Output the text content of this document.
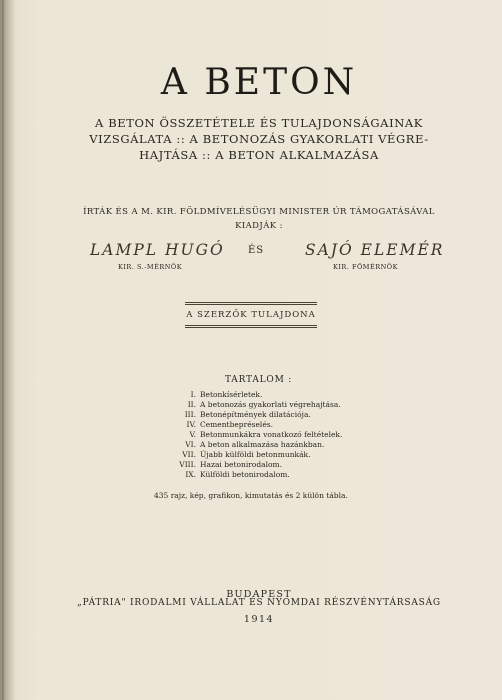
A BETON
A BETON ÖSSZETÉTELE ÉS TULAJDONSÁGAINAK
VIZSGÁLATA :: A BETONOZÁS GYAKORLATI VÉGRE-
HAJTÁSA :: A BETON ALKALMAZÁSA
ÍRTÁK ÉS A M. KIR. FÖLDMÍVELÉSÜGYI MINISTER ÚR TÁMOGATÁSÁVAL
KIADJÁK :
LAMPL HUGÓ ÉS	SAJÓ ELEMÉR
KIR. S.-MÉRNÖK	KIR. FŐMÉRNÖK
A SZERZŐK TULAJDONA
TARTALOM :
I. Betonkísérletek.
II. A betonozás gyakorlati végrehajtása.
III. Betonépítmények dilatációja.
IV. Cementbepréselés.
V. Betonmunkákra vonatkozó feltételek.
VI. A beton alkalmazása hazánkban.
VII. Újabb külföldi betonmunkák.
VIII. Hazai betonirodalom.
IX. Külföldi betonirodalom.
435 rajz, kép, grafikon, kimutatás és 2 külön tábla.
BUDAPEST
„PÁTRIA" IRODALMI VÁLLALAT ÉS NYOMDAI RÉSZVÉNYTÁRSASÁG
1914
